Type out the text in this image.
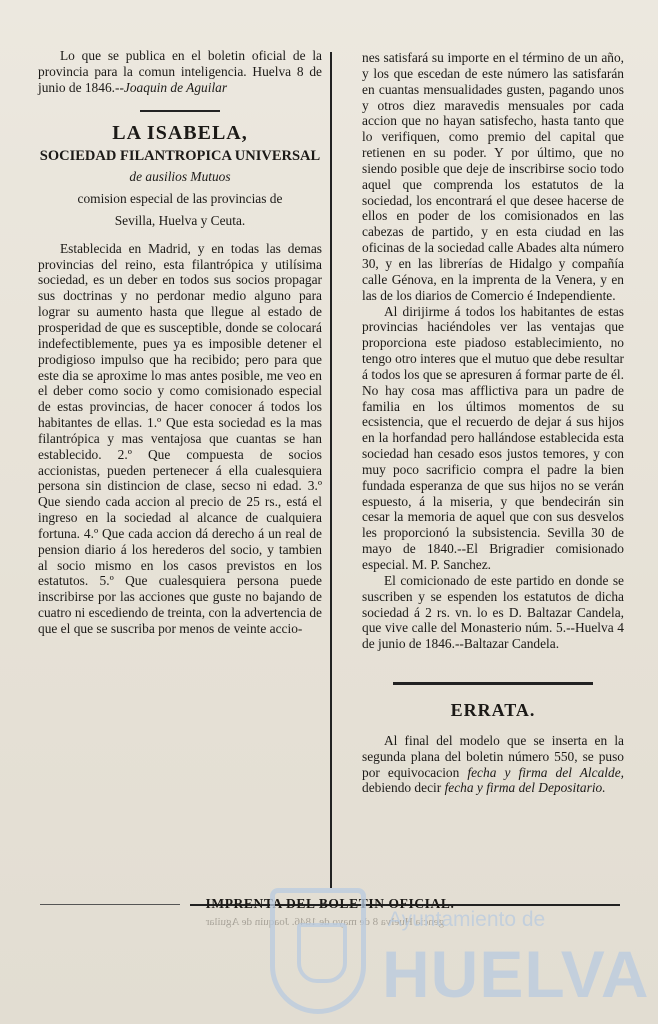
Lo que se publica en el boletin oficial de la provincia para la comun inteligencia. Huelva 8 de junio de 1846.--Joaquin de Aguilar

LA ISABELA,
SOCIEDAD FILANTROPICA UNIVERSAL

de ausilios Mutuos

comision especial de las provincias de

Sevilla, Huelva y Ceuta.

Establecida en Madrid, y en todas las demas provincias del reino, esta filantrópica y utilísima sociedad, es un deber en todos sus socios propagar sus doctrinas y no perdonar medio alguno para lograr su aumento hasta que llegue al estado de prosperidad de que es susceptible, donde se colocará indefectiblemente, pues ya es imposible detener el prodigioso impulso que ha recibido; pero para que este dia se aproxime lo mas antes posible, me veo en el deber como socio y como comisionado especial de estas provincias, de hacer conocer á todos los habitantes de ellas. 1.º Que esta sociedad es la mas filantrópica y mas ventajosa que cuantas se han establecido. 2.º Que compuesta de socios accionistas, pueden pertenecer á ella cualesquiera persona sin distincion de clase, secso ni edad. 3.º Que siendo cada accion al precio de 25 rs., está el ingreso en la sociedad al alcance de cualquiera fortuna. 4.º Que cada accion dá derecho á un real de pension diario á los herederos del socio, y tambien al socio mismo en los casos previstos en los estatutos. 5.º Que cualesquiera persona puede inscribirse por las acciones que guste no bajando de cuatro ni escediendo de treinta, con la advertencia de que el que se suscriba por menos de veinte accio-

nes satisfará su importe en el término de un año, y los que escedan de este número las satisfarán en cuantas mensualidades gusten, pagando unos y otros diez maravedis mensuales por cada accion que no hayan satisfecho, hasta tanto que lo verifiquen, como premio del capital que retienen en su poder. Y por último, que no siendo posible que deje de inscribirse socio todo aquel que comprenda los estatutos de la sociedad, los encontrará el que desee hacerse de ellos en poder de los comisionados en las cabezas de partido, y en esta ciudad en las oficinas de la sociedad calle Abades alta número 30, y en las librerías de Hidalgo y compañía calle Génova, en la imprenta de la Venera, y en las de los diarios de Comercio é Independiente.

Al dirijirme á todos los habitantes de estas provincias haciéndoles ver las ventajas que proporciona este piadoso establecimiento, no tengo otro interes que el mutuo que debe resultar á todos los que se apresuren á formar parte de él. No hay cosa mas afflictiva para un padre de familia en los últimos momentos de su ecsistencia, que el recuerdo de dejar á sus hijos en la horfandad pero hallándose establecida esta sociedad han cesado esos justos temores, y con muy poco sacrificio compra el padre la bien fundada esperanza de que sus hijos no se verán espuesto, á la miseria, y que bendecirán sin cesar la memoria de aquel que con sus desvelos les proporcionó la subsistencia. Sevilla 30 de mayo de 1840.--El Brigradier comisionado especial. M. P. Sanchez.

El comicionado de este partido en donde se suscriben y se espenden los estatutos de dicha sociedad á 2 rs. vn. lo es D. Baltazar Candela, que vive calle del Monasterio núm. 5.--Huelva 4 de junio de 1846.--Baltazar Candela.

ERRATA.

Al final del modelo que se inserta en la segunda plana del boletin número 550, se puso por equivocacion fecha y firma del Alcalde, debiendo decir fecha y firma del Depositario.

IMPRENTA DEL BOLETIN OFICIAL.
gencia Huelva 8 de mayo de 1846. Joaquin de Aguilar
Ayuntamiento de
HUELVA
